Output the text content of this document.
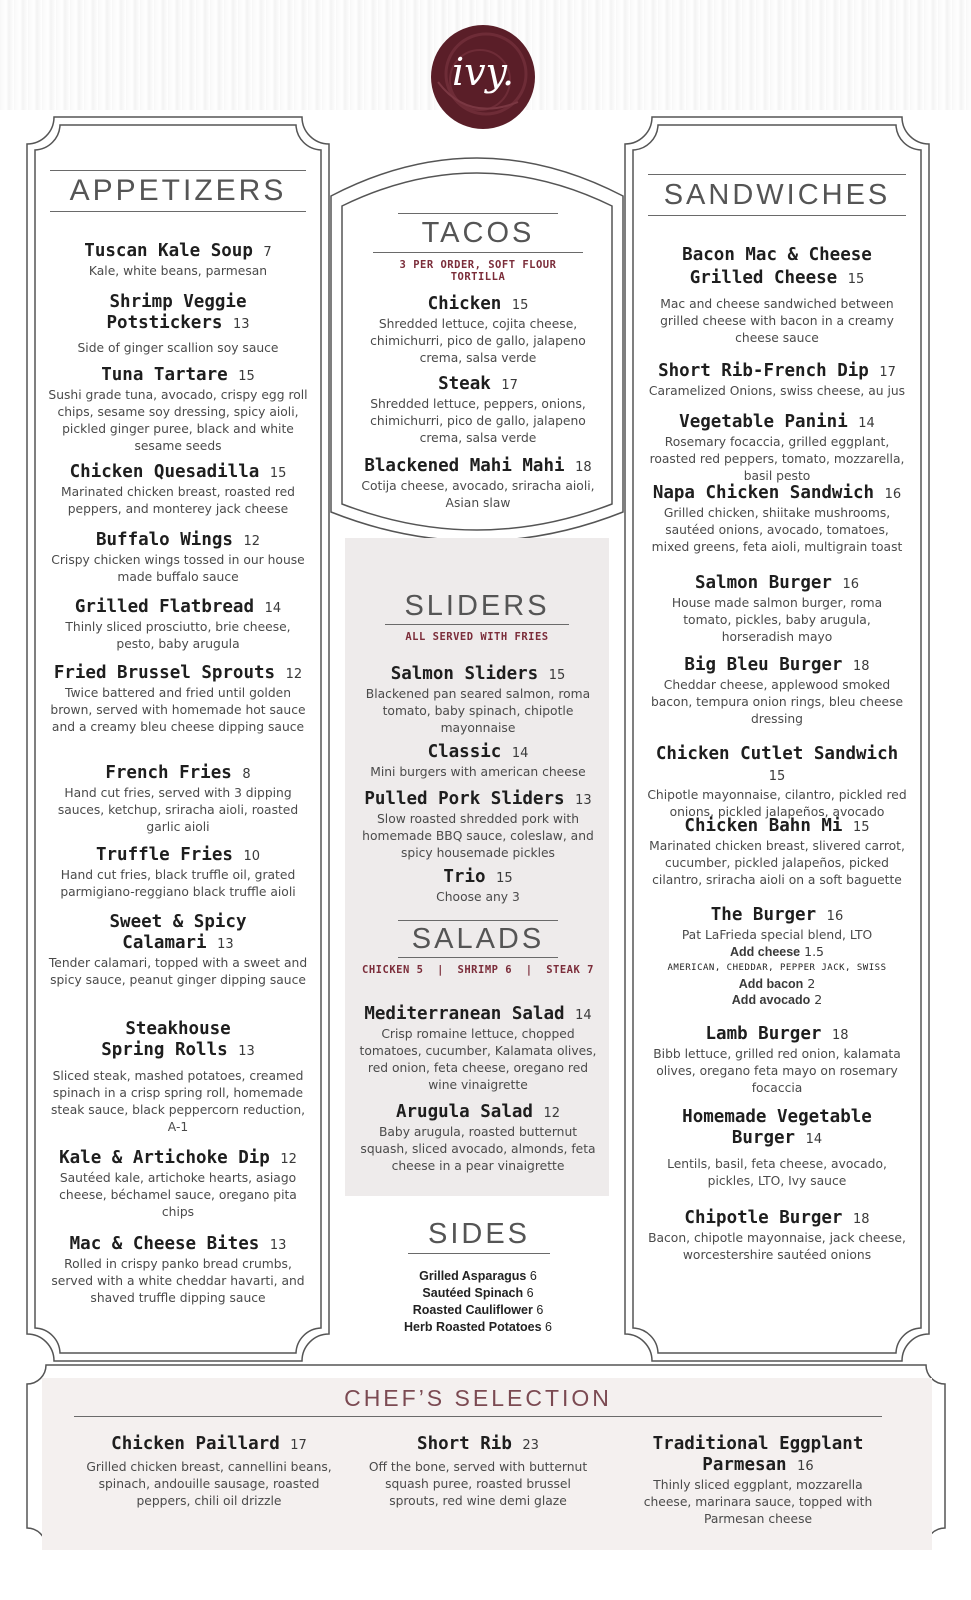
ivy.
APPETIZERS
Tuscan Kale Soup 7
Kale, white beans, parmesan
Shrimp Veggie
Potstickers 13
Side of ginger scallion soy sauce
Tuna Tartare 15
Sushi grade tuna, avocado, crispy egg roll chips, sesame soy dressing, spicy aioli, pickled ginger puree, black and white sesame seeds
Chicken Quesadilla 15
Marinated chicken breast, roasted red peppers, and monterey jack cheese
Buffalo Wings 12
Crispy chicken wings tossed in our house made buffalo sauce
Grilled Flatbread 14
Thinly sliced prosciutto, brie cheese, pesto, baby arugula
Fried Brussel Sprouts 12
Twice battered and fried until golden brown, served with homemade hot sauce and a creamy bleu cheese dipping sauce
French Fries 8
Hand cut fries, served with 3 dipping sauces, ketchup, sriracha aioli, roasted garlic aioli
Truffle Fries 10
Hand cut fries, black truffle oil, grated parmigiano-reggiano black truffle aioli
Sweet & Spicy
Calamari 13
Tender calamari, topped with a sweet and spicy sauce, peanut ginger dipping sauce
Steakhouse
Spring Rolls 13
Sliced steak, mashed potatoes, creamed spinach in a crisp spring roll, homemade steak sauce, black peppercorn reduction, A-1
Kale & Artichoke Dip 12
Sautéed kale, artichoke hearts, asiago cheese, béchamel sauce, oregano pita chips
Mac & Cheese Bites 13
Rolled in crispy panko bread crumbs, served with a white cheddar havarti, and shaved truffle dipping sauce
TACOS
3 PER ORDER, SOFT FLOUR TORTILLA
Chicken 15
Shredded lettuce, cojita cheese, chimichurri, pico de gallo, jalapeno crema, salsa verde
Steak 17
Shredded lettuce, peppers, onions, chimichurri, pico de gallo, jalapeno crema, salsa verde
Blackened Mahi Mahi 18
Cotija cheese, avocado, sriracha aioli, Asian slaw
SLIDERS
ALL SERVED WITH FRIES
Salmon Sliders 15
Blackened pan seared salmon, roma tomato, baby spinach, chipotle mayonnaise
Classic 14
Mini burgers with american cheese
Pulled Pork Sliders 13
Slow roasted shredded pork with homemade BBQ sauce, coleslaw, and spicy housemade pickles
Trio 15
Choose any 3
SALADS
CHICKEN 5  |  SHRIMP 6  |  STEAK 7
Mediterranean Salad 14
Crisp romaine lettuce, chopped tomatoes, cucumber, Kalamata olives, red onion, feta cheese, oregano red wine vinaigrette
Arugula Salad 12
Baby arugula, roasted butternut squash, sliced avocado, almonds, feta cheese in a pear vinaigrette
SIDES
Grilled Asparagus 6
Sautéed Spinach 6
Roasted Cauliflower 6
Herb Roasted Potatoes 6
SANDWICHES
Bacon Mac & Cheese
Grilled Cheese 15
Mac and cheese sandwiched between grilled cheese with bacon in a creamy cheese sauce
Short Rib-French Dip 17
Caramelized Onions, swiss cheese, au jus
Vegetable Panini 14
Rosemary focaccia, grilled eggplant, roasted red peppers, tomato, mozzarella, basil pesto
Napa Chicken Sandwich 16
Grilled chicken, shiitake mushrooms, sautéed onions, avocado, tomatoes, mixed greens, feta aioli, multigrain toast
Salmon Burger 16
House made salmon burger, roma tomato, pickles, baby arugula, horseradish mayo
Big Bleu Burger 18
Cheddar cheese, applewood smoked bacon, tempura onion rings, bleu cheese dressing
Chicken Cutlet Sandwich 15
Chipotle mayonnaise, cilantro, pickled red onions, pickled jalapeños, avocado
Chicken Bahn Mi 15
Marinated chicken breast, slivered carrot, cucumber, pickled jalapeños, picked cilantro, sriracha aioli on a soft baguette
The Burger 16
Pat LaFrieda special blend, LTO
Add cheese 1.5
AMERICAN, CHEDDAR, PEPPER JACK, SWISS
Add bacon 2
Add avocado 2
Lamb Burger 18
Bibb lettuce, grilled red onion, kalamata olives, oregano feta mayo on rosemary focaccia
Homemade Vegetable
Burger 14
Lentils, basil, feta cheese, avocado, pickles, LTO, Ivy sauce
Chipotle Burger 18
Bacon, chipotle mayonnaise, jack cheese, worcestershire sautéed onions
CHEF’S SELECTION
Chicken Paillard 17
Grilled chicken breast, cannellini beans, spinach, andouille sausage, roasted peppers, chili oil drizzle
Short Rib 23
Off the bone, served with butternut squash puree, roasted brussel sprouts, red wine demi glaze
Traditional Eggplant
Parmesan 16
Thinly sliced eggplant, mozzarella cheese, marinara sauce, topped with Parmesan cheese
